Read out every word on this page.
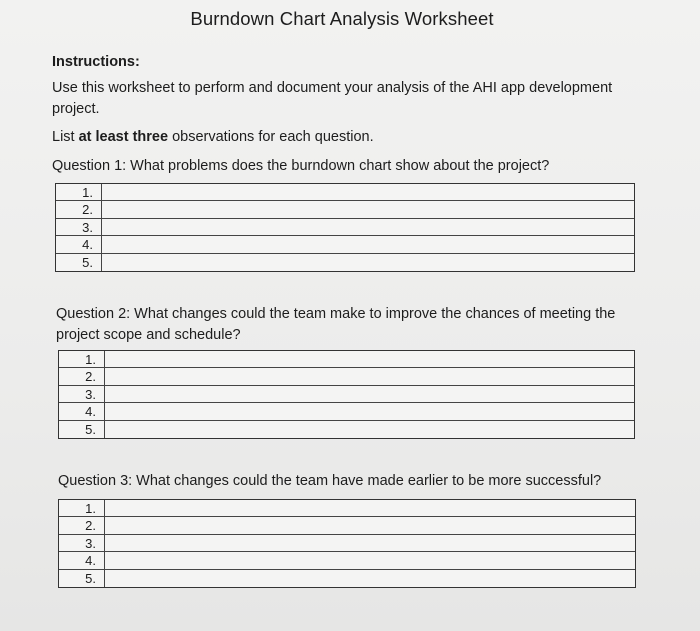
Burndown Chart Analysis Worksheet
Instructions:
Use this worksheet to perform and document your analysis of the AHI app development project.
List at least three observations for each question.
Question 1: What problems does the burndown chart show about the project?
1.
2.
3.
4.
5.
Question 2: What changes could the team make to improve the chances of meeting the project scope and schedule?
1.
2.
3.
4.
5.
Question 3: What changes could the team have made earlier to be more successful?
1.
2.
3.
4.
5.
